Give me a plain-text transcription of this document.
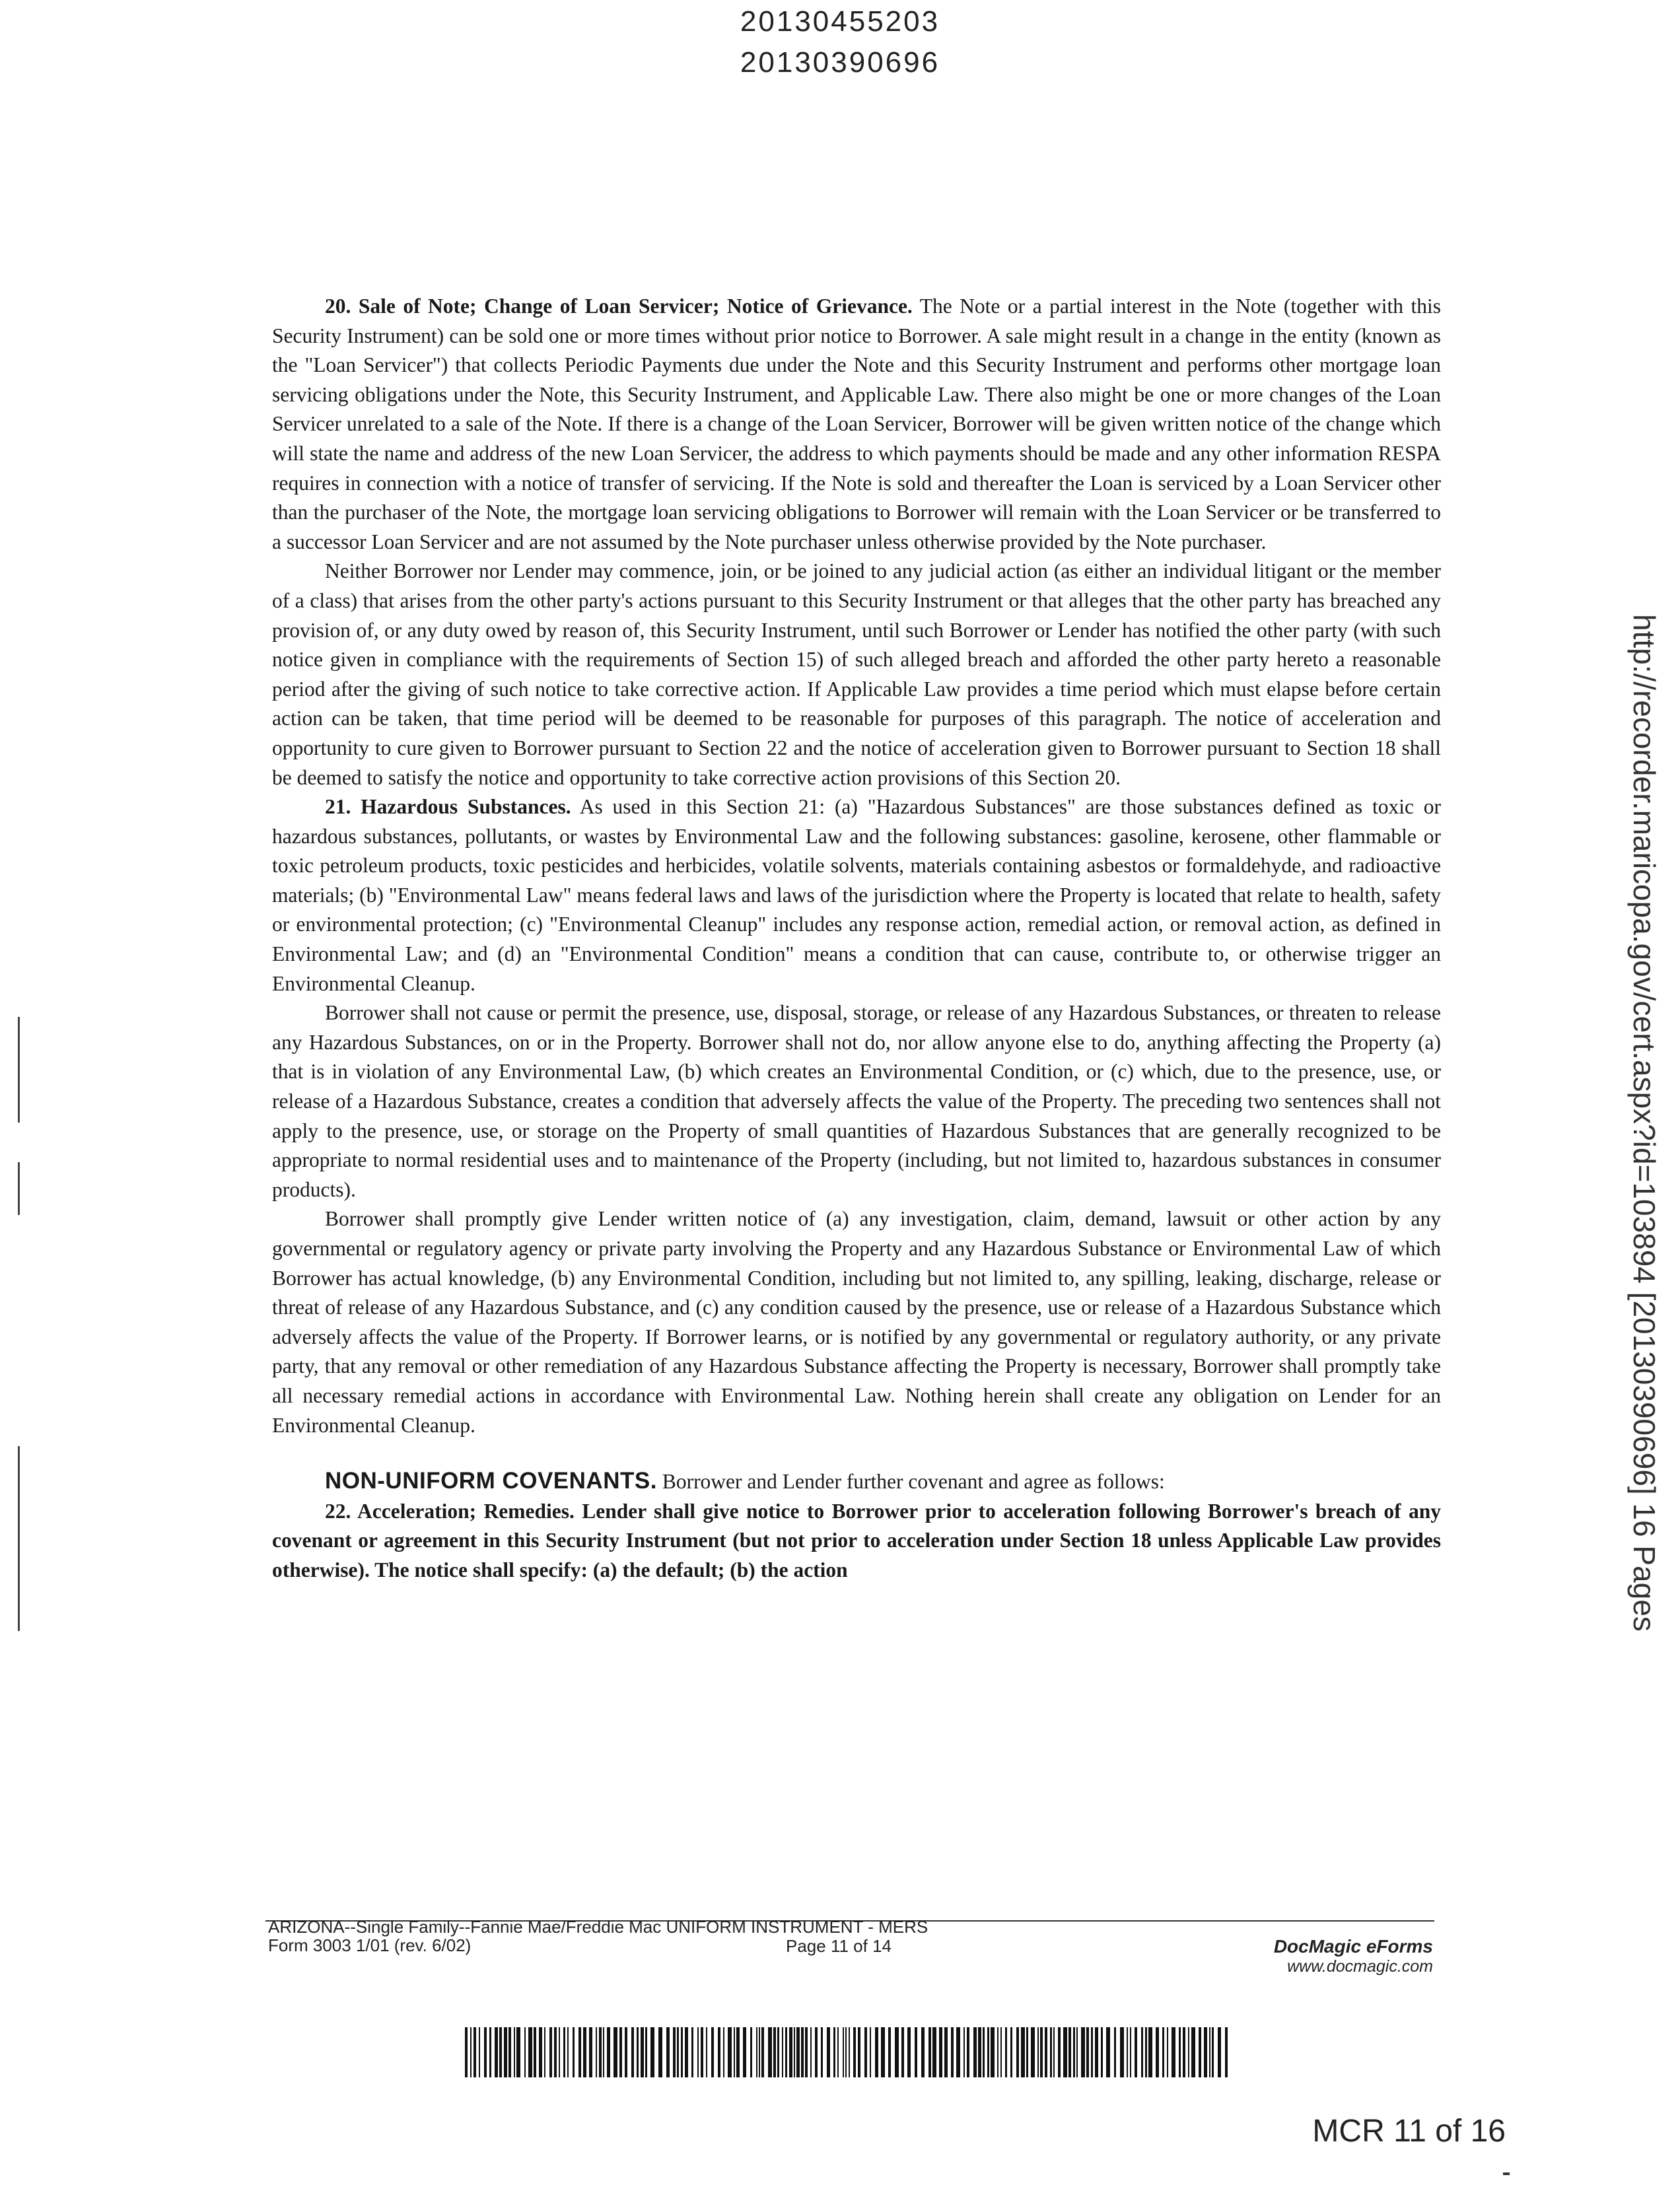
20130455203
20130390696
http://recorder.maricopa.gov/cert.aspx?id=103894 [20130390696] 16 Pages

20. Sale of Note; Change of Loan Servicer; Notice of Grievance. The Note or a partial interest in the Note (together with this Security Instrument) can be sold one or more times without prior notice to Borrower. A sale might result in a change in the entity (known as the "Loan Servicer") that collects Periodic Payments due under the Note and this Security Instrument and performs other mortgage loan servicing obligations under the Note, this Security Instrument, and Applicable Law. There also might be one or more changes of the Loan Servicer unrelated to a sale of the Note. If there is a change of the Loan Servicer, Borrower will be given written notice of the change which will state the name and address of the new Loan Servicer, the address to which payments should be made and any other information RESPA requires in connection with a notice of transfer of servicing. If the Note is sold and thereafter the Loan is serviced by a Loan Servicer other than the purchaser of the Note, the mortgage loan servicing obligations to Borrower will remain with the Loan Servicer or be transferred to a successor Loan Servicer and are not assumed by the Note purchaser unless otherwise provided by the Note purchaser.

Neither Borrower nor Lender may commence, join, or be joined to any judicial action (as either an individual litigant or the member of a class) that arises from the other party's actions pursuant to this Security Instrument or that alleges that the other party has breached any provision of, or any duty owed by reason of, this Security Instrument, until such Borrower or Lender has notified the other party (with such notice given in compliance with the requirements of Section 15) of such alleged breach and afforded the other party hereto a reasonable period after the giving of such notice to take corrective action. If Applicable Law provides a time period which must elapse before certain action can be taken, that time period will be deemed to be reasonable for purposes of this paragraph. The notice of acceleration and opportunity to cure given to Borrower pursuant to Section 22 and the notice of acceleration given to Borrower pursuant to Section 18 shall be deemed to satisfy the notice and opportunity to take corrective action provisions of this Section 20.

21. Hazardous Substances. As used in this Section 21: (a) "Hazardous Substances" are those substances defined as toxic or hazardous substances, pollutants, or wastes by Environmental Law and the following substances: gasoline, kerosene, other flammable or toxic petroleum products, toxic pesticides and herbicides, volatile solvents, materials containing asbestos or formaldehyde, and radioactive materials; (b) "Environmental Law" means federal laws and laws of the jurisdiction where the Property is located that relate to health, safety or environmental protection; (c) "Environmental Cleanup" includes any response action, remedial action, or removal action, as defined in Environmental Law; and (d) an "Environmental Condition" means a condition that can cause, contribute to, or otherwise trigger an Environmental Cleanup.

Borrower shall not cause or permit the presence, use, disposal, storage, or release of any Hazardous Substances, or threaten to release any Hazardous Substances, on or in the Property. Borrower shall not do, nor allow anyone else to do, anything affecting the Property (a) that is in violation of any Environmental Law, (b) which creates an Environmental Condition, or (c) which, due to the presence, use, or release of a Hazardous Substance, creates a condition that adversely affects the value of the Property. The preceding two sentences shall not apply to the presence, use, or storage on the Property of small quantities of Hazardous Substances that are generally recognized to be appropriate to normal residential uses and to maintenance of the Property (including, but not limited to, hazardous substances in consumer products).

Borrower shall promptly give Lender written notice of (a) any investigation, claim, demand, lawsuit or other action by any governmental or regulatory agency or private party involving the Property and any Hazardous Substance or Environmental Law of which Borrower has actual knowledge, (b) any Environmental Condition, including but not limited to, any spilling, leaking, discharge, release or threat of release of any Hazardous Substance, and (c) any condition caused by the presence, use or release of a Hazardous Substance which adversely affects the value of the Property. If Borrower learns, or is notified by any governmental or regulatory authority, or any private party, that any removal or other remediation of any Hazardous Substance affecting the Property is necessary, Borrower shall promptly take all necessary remedial actions in accordance with Environmental Law. Nothing herein shall create any obligation on Lender for an Environmental Cleanup.

NON-UNIFORM COVENANTS. Borrower and Lender further covenant and agree as follows:

22. Acceleration; Remedies. Lender shall give notice to Borrower prior to acceleration following Borrower's breach of any covenant or agreement in this Security Instrument (but not prior to acceleration under Section 18 unless Applicable Law provides otherwise). The notice shall specify: (a) the default; (b) the action

ARIZONA--Single Family--Fannie Mae/Freddie Mac UNIFORM INSTRUMENT - MERS
Form 3003 1/01 (rev. 6/02)	Page 11 of 14	DocMagic eForms
www.docmagic.com
MCR 11 of 16
